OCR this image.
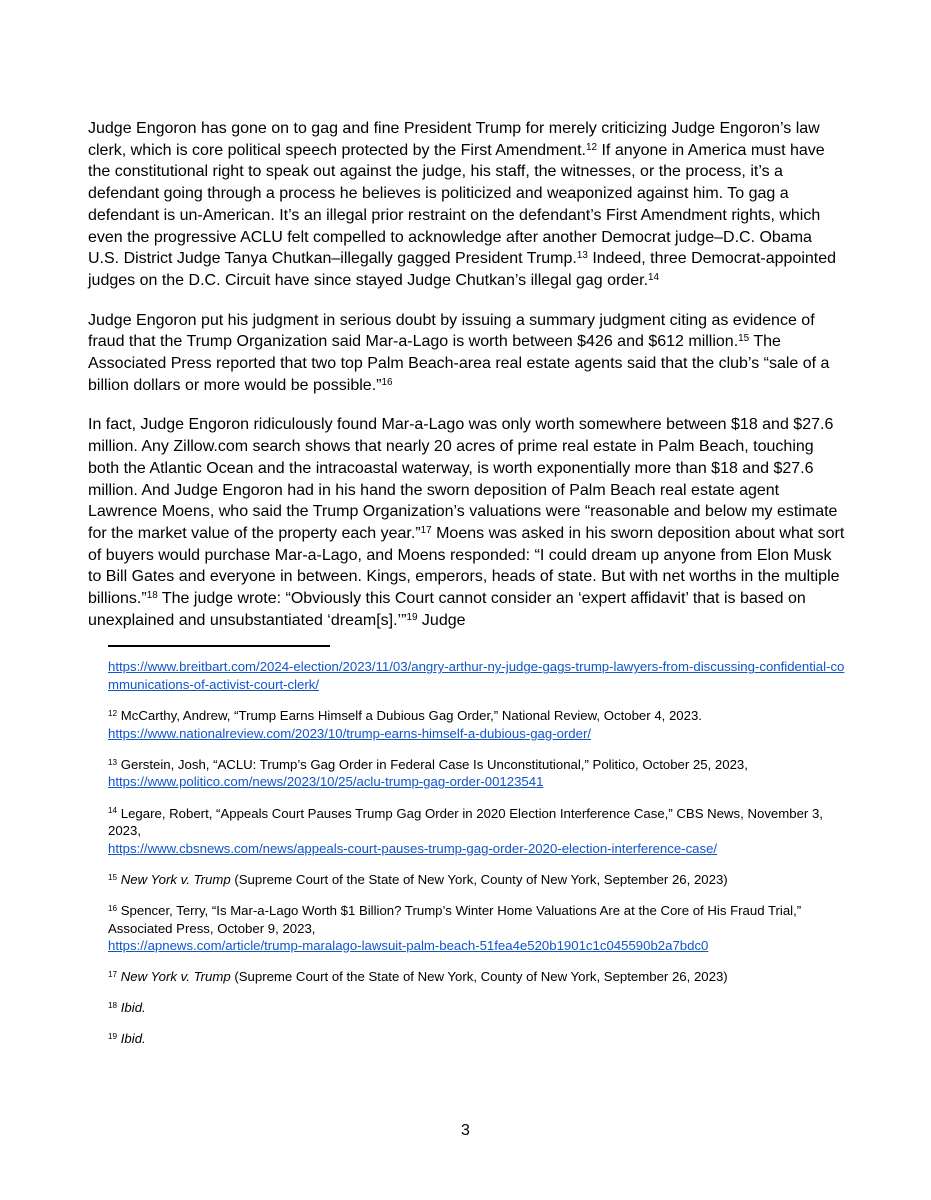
Judge Engoron has gone on to gag and fine President Trump for merely criticizing Judge Engoron’s law clerk, which is core political speech protected by the First Amendment.$^{12}$ If anyone in America must have the constitutional right to speak out against the judge, his staff, the witnesses, or the process, it’s a defendant going through a process he believes is politicized and weaponized against him. To gag a defendant is un-American. It’s an illegal prior restraint on the defendant’s First Amendment rights, which even the progressive ACLU felt compelled to acknowledge after another Democrat judge–D.C. Obama U.S. District Judge Tanya Chutkan–illegally gagged President Trump.$^{13}$ Indeed, three Democrat-appointed judges on the D.C. Circuit have since stayed Judge Chutkan’s illegal gag order.$^{14}$

Judge Engoron put his judgment in serious doubt by issuing a summary judgment citing as evidence of fraud that the Trump Organization said Mar-a-Lago is worth between $426 and $612 million.$^{15}$ The Associated Press reported that two top Palm Beach-area real estate agents said that the club’s “sale of a billion dollars or more would be possible.”$^{16}$

In fact, Judge Engoron ridiculously found Mar-a-Lago was only worth somewhere between $18 and $27.6 million. Any Zillow.com search shows that nearly 20 acres of prime real estate in Palm Beach, touching both the Atlantic Ocean and the intracoastal waterway, is worth exponentially more than $18 and $27.6 million. And Judge Engoron had in his hand the sworn deposition of Palm Beach real estate agent Lawrence Moens, who said the Trump Organization’s valuations were “reasonable and below my estimate for the market value of the property each year.”$^{17}$ Moens was asked in his sworn deposition about what sort of buyers would purchase Mar-a-Lago, and Moens responded: “I could dream up anyone from Elon Musk to Bill Gates and everyone in between. Kings, emperors, heads of state. But with net worths in the multiple billions.”$^{18}$ The judge wrote: “Obviously this Court cannot consider an ‘expert affidavit’ that is based on unexplained and unsubstantiated ‘dream[s].’”$^{19}$ Judge

https://www.breitbart.com/2024-election/2023/11/03/angry-arthur-ny-judge-gags-trump-lawyers-from-discussing-confidential-communications-of-activist-court-clerk/
$^{12}$ McCarthy, Andrew, “Trump Earns Himself a Dubious Gag Order,” National Review, October 4, 2023.
https://www.nationalreview.com/2023/10/trump-earns-himself-a-dubious-gag-order/
$^{13}$ Gerstein, Josh, “ACLU: Trump’s Gag Order in Federal Case Is Unconstitutional,” Politico, October 25, 2023,
https://www.politico.com/news/2023/10/25/aclu-trump-gag-order-00123541
$^{14}$ Legare, Robert, “Appeals Court Pauses Trump Gag Order in 2020 Election Interference Case,” CBS News, November 3, 2023,
https://www.cbsnews.com/news/appeals-court-pauses-trump-gag-order-2020-election-interference-case/
$^{15}$ New York v. Trump (Supreme Court of the State of New York, County of New York, September 26, 2023)
$^{16}$ Spencer, Terry, “Is Mar-a-Lago Worth $1 Billion? Trump’s Winter Home Valuations Are at the Core of His Fraud Trial,” Associated Press, October 9, 2023,
https://apnews.com/article/trump-maralago-lawsuit-palm-beach-51fea4e520b1901c1c045590b2a7bdc0
$^{17}$ New York v. Trump (Supreme Court of the State of New York, County of New York, September 26, 2023)
$^{18}$ Ibid.
$^{19}$ Ibid.
3
